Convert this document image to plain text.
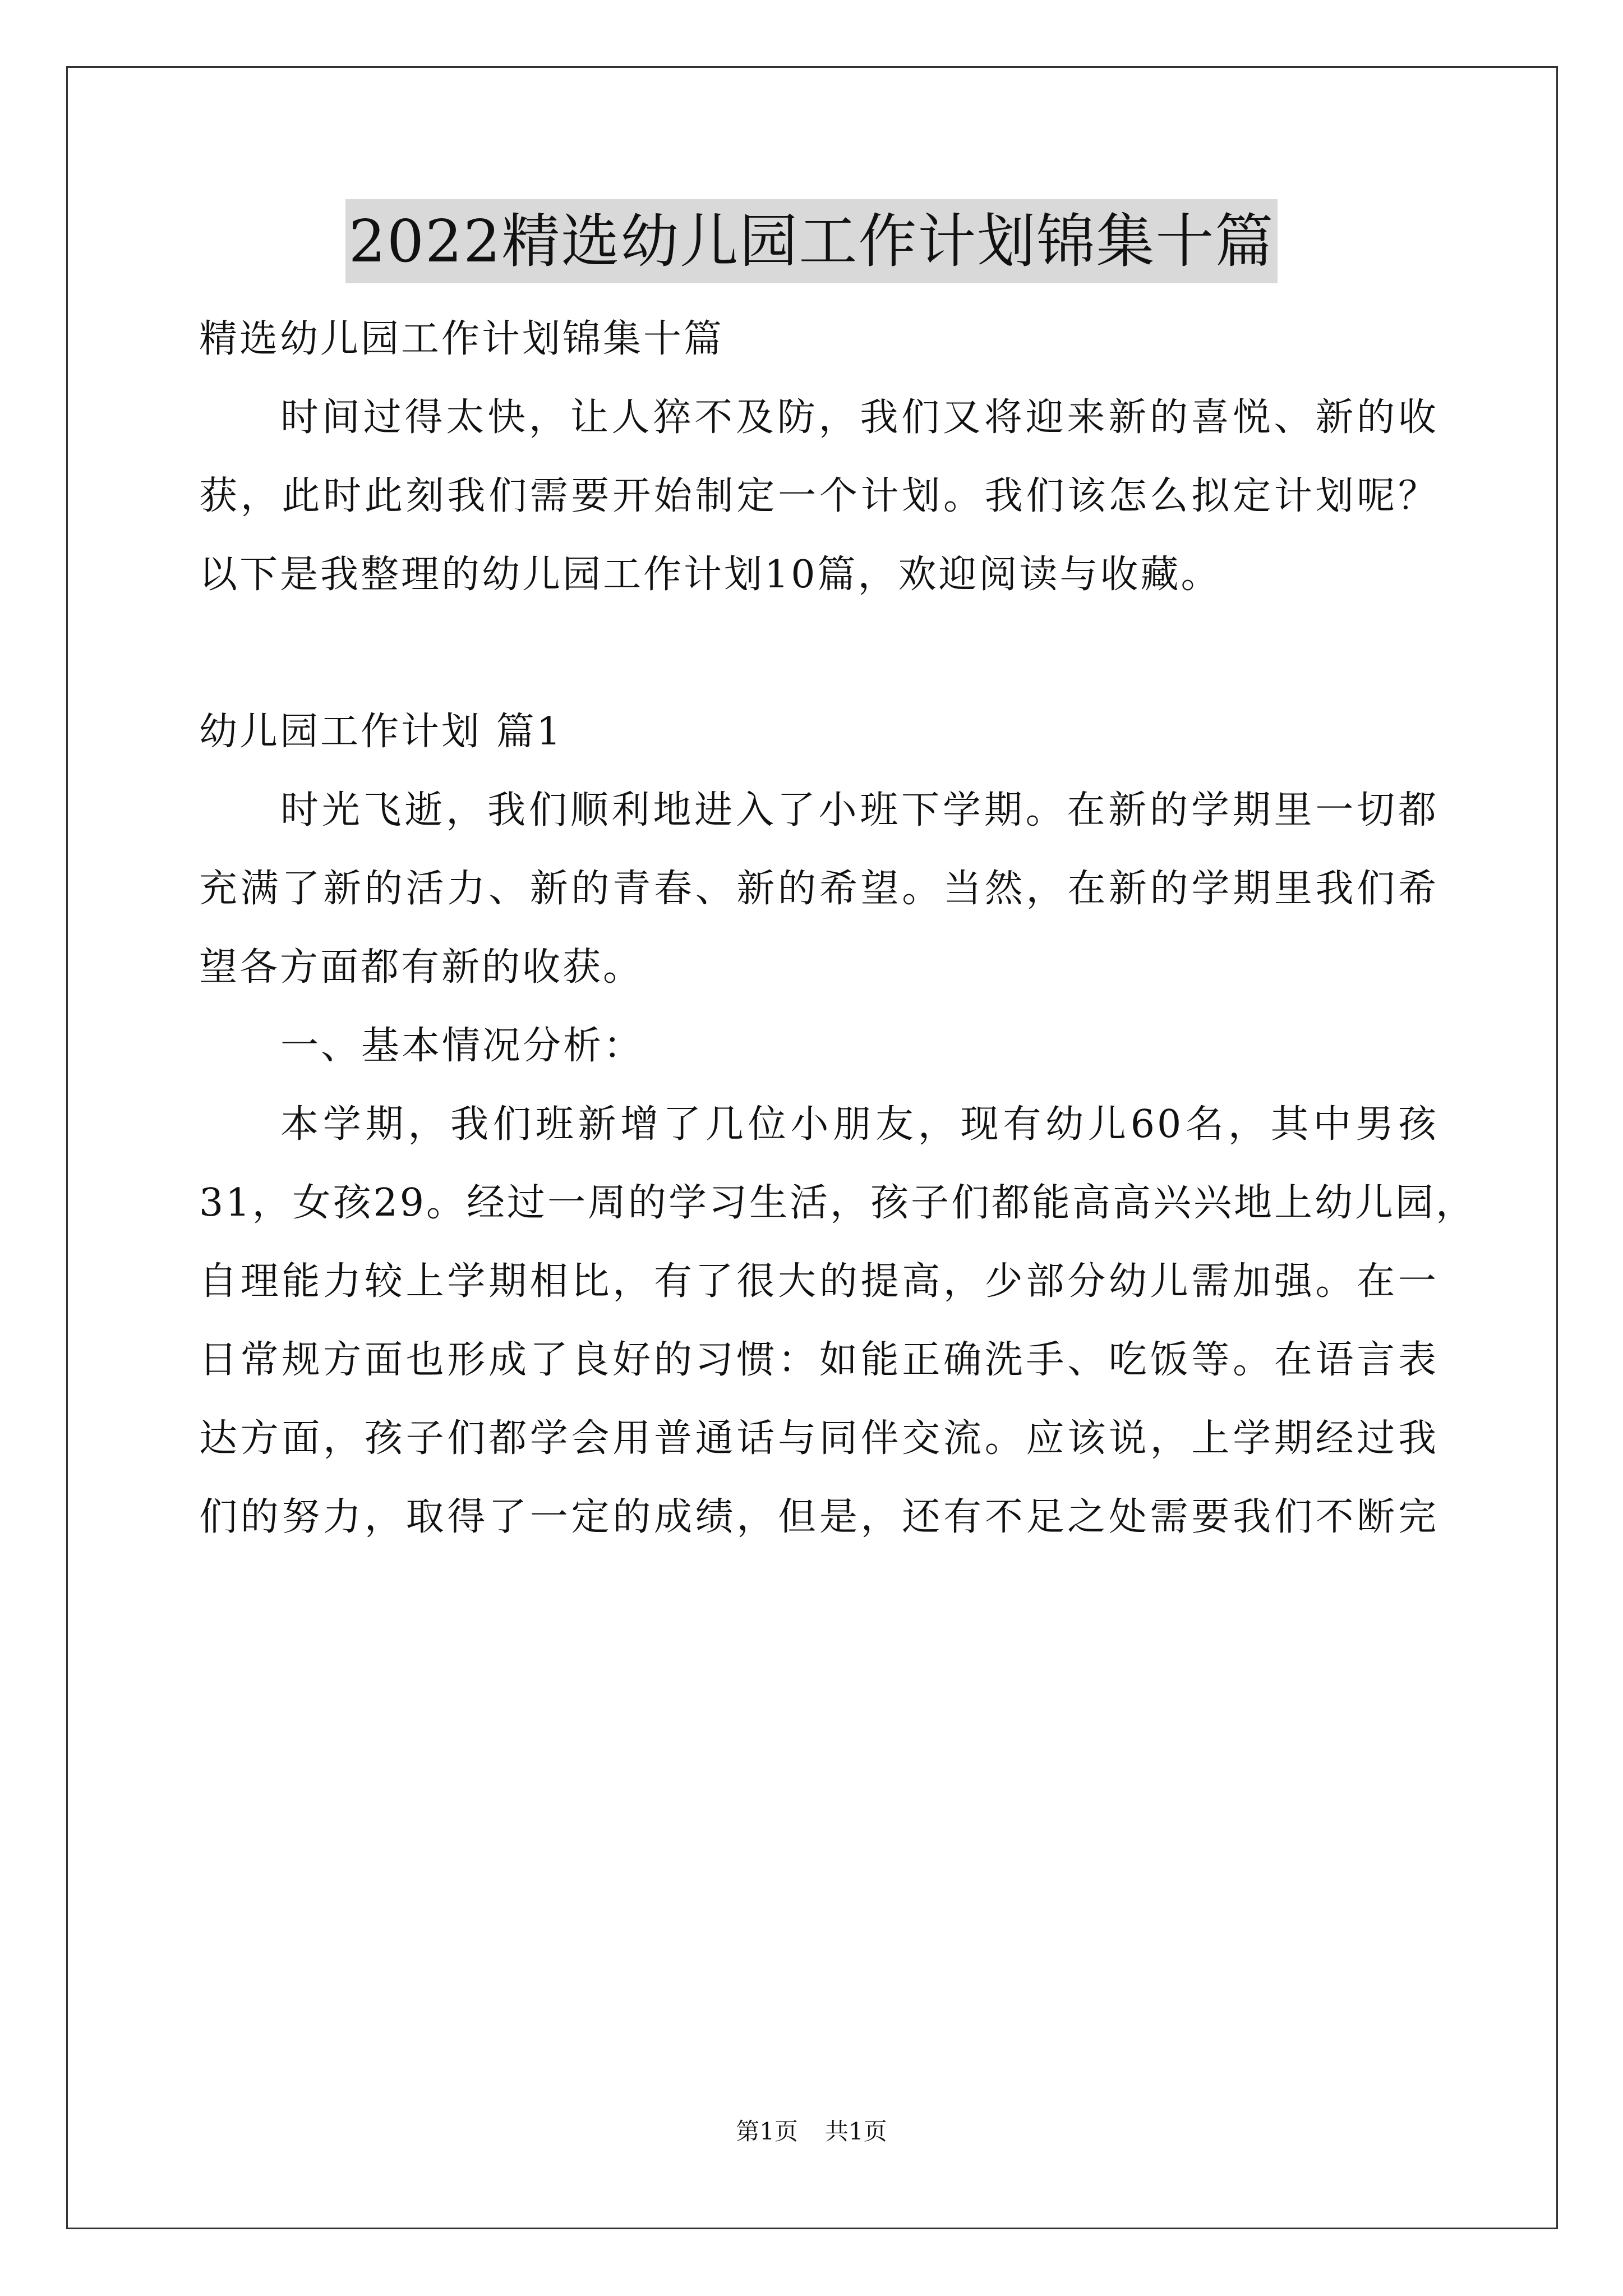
2022精选幼儿园工作计划锦集十篇
精选幼儿园工作计划锦集十篇
时间过得太快，让人猝不及防，我们又将迎来新的喜悦、新的收
获，此时此刻我们需要开始制定一个计划。我们该怎么拟定计划呢？
以下是我整理的幼儿园工作计划10篇，欢迎阅读与收藏。
幼儿园工作计划 篇1
时光飞逝，我们顺利地进入了小班下学期。在新的学期里一切都
充满了新的活力、新的青春、新的希望。当然，在新的学期里我们希
望各方面都有新的收获。
一、基本情况分析：
本学期，我们班新增了几位小朋友，现有幼儿60名，其中男孩
31，女孩29。经过一周的学习生活，孩子们都能高高兴兴地上幼儿园，
自理能力较上学期相比，有了很大的提高，少部分幼儿需加强。在一
日常规方面也形成了良好的习惯：如能正确洗手、吃饭等。在语言表
达方面，孩子们都学会用普通话与同伴交流。应该说，上学期经过我
们的努力，取得了一定的成绩，但是，还有不足之处需要我们不断完
第1页 共1页
